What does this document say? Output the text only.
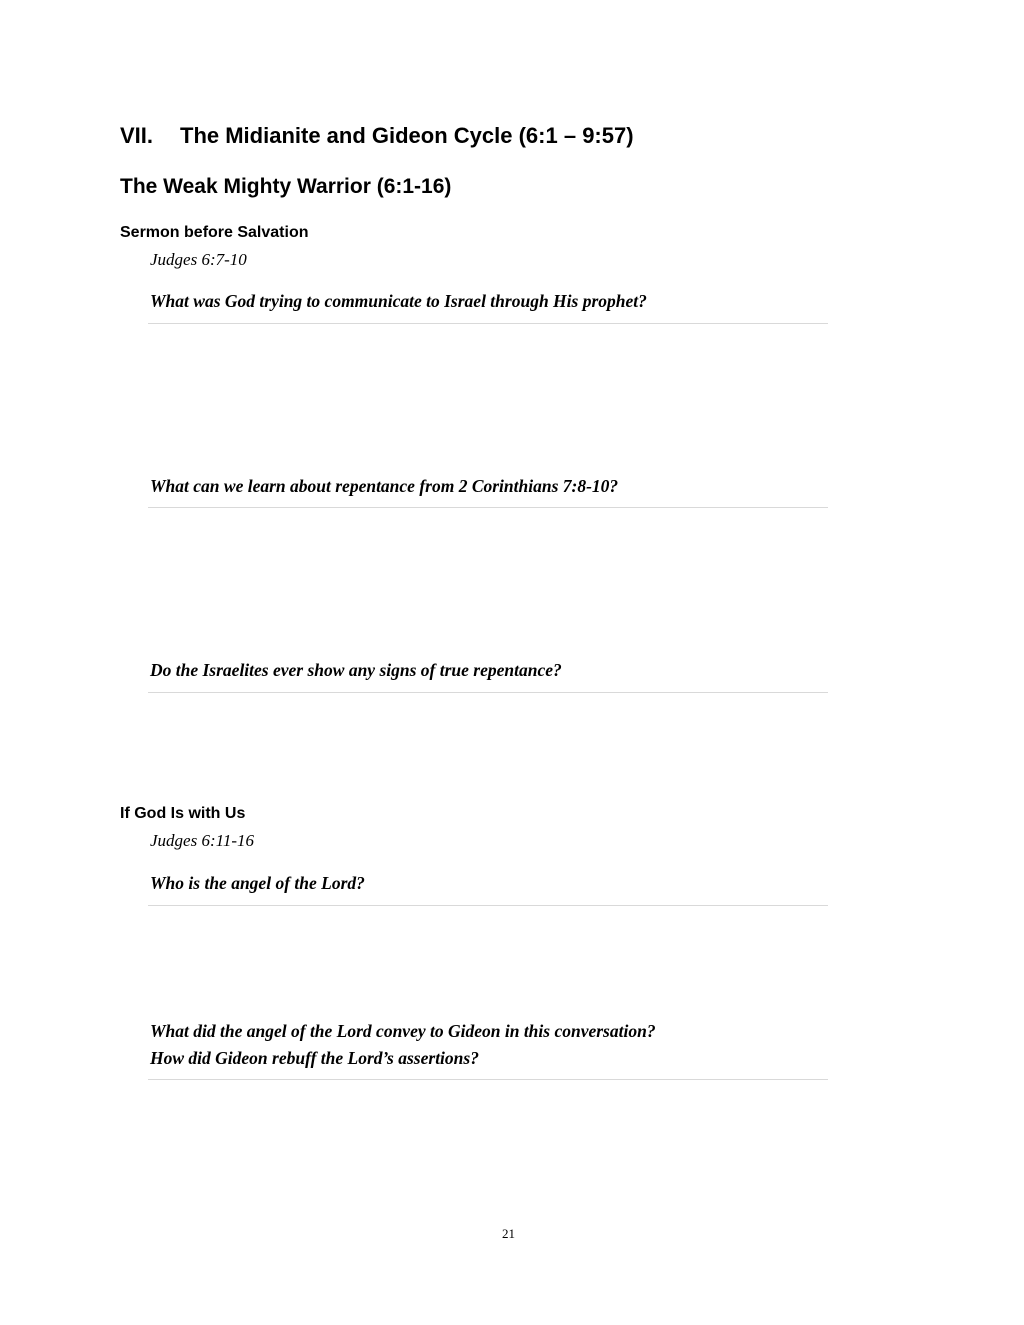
VII. The Midianite and Gideon Cycle (6:1 – 9:57)
The Weak Mighty Warrior (6:1-16)
Sermon before Salvation
Judges 6:7-10
What was God trying to communicate to Israel through His prophet?
What can we learn about repentance from 2 Corinthians 7:8-10?
Do the Israelites ever show any signs of true repentance?
If God Is with Us
Judges 6:11-16
Who is the angel of the Lord?
What did the angel of the Lord convey to Gideon in this conversation?
How did Gideon rebuff the Lord’s assertions?
21
